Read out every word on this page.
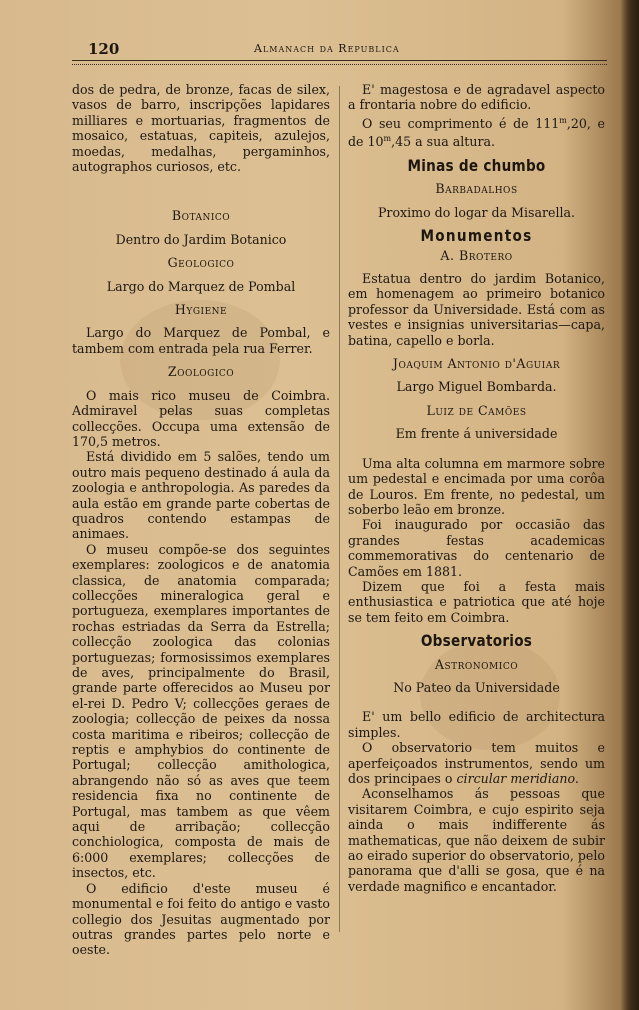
120	Almanach da Republica

dos de pedra, de bronze, facas de silex, vasos de barro, inscripções lapidares milliares e mortuarias, fragmentos de mosaico, estatuas, capiteis, azulejos, moedas, medalhas, pergaminhos, autographos curiosos, etc.

Botanico

Dentro do Jardim Botanico

Geologico

Largo do Marquez de Pombal

Hygiene

Largo do Marquez de Pombal, e tambem com entrada pela rua Ferrer.

Zoologico

O mais rico museu de Coimbra. Admiravel pelas suas completas collecções. Occupa uma extensão de 170,5 metros.

Está dividido em 5 salões, tendo um outro mais pequeno destinado á aula da zoologia e anthropologia. As paredes da aula estão em grande parte cobertas de quadros contendo estampas de animaes.

O museu compõe-se dos seguintes exemplares: zoologicos e de anatomia classica, de anatomia comparada; collecções mineralogica geral e portugueza, exemplares importantes de rochas estriadas da Serra da Estrella; collecção zoologica das colonias portuguezas; formosissimos exemplares de aves, principalmente do Brasil, grande parte offerecidos ao Museu por el-rei D. Pedro V; collecções geraes de zoologia; collecção de peixes da nossa costa maritima e ribeiros; collecção de reptis e amphybios do continente de Portugal; collecção amithologica, abrangendo não só as aves que teem residencia fixa no continente de Portugal, mas tambem as que vêem aqui de arribação; collecção conchiologica, composta de mais de 6:000 exemplares; collecções de insectos, etc.

O edificio d'este museu é monumental e foi feito do antigo e vasto collegio dos Jesuitas augmentado por outras grandes partes pelo norte e oeste.

E' magestosa e de agradavel aspecto a frontaria nobre do edificio.

O seu comprimento é de 111$^m$,20, e de 10$^m$,45 a sua altura.

Minas de chumbo

Barbadalhos

Proximo do logar da Misarella.

Monumentos

A. Brotero

Estatua dentro do jardim Botanico, em homenagem ao primeiro botanico professor da Universidade. Está com as vestes e insignias universitarias—capa, batina, capello e borla.

Joaquim Antonio d'Aguiar

Largo Miguel Bombarda.

Luiz de Camões

Em frente á universidade

Uma alta columna em marmore sobre um pedestal e encimada por uma corôa de Louros. Em frente, no pedestal, um soberbo leão em bronze.

Foi inaugurado por occasião das grandes festas academicas commemorativas do centenario de Camões em 1881.

Dizem que foi a festa mais enthusiastica e patriotica que até hoje se tem feito em Coimbra.

Observatorios

Astronomico

No Pateo da Universidade

E' um bello edificio de architectura simples.

O observatorio tem muitos e aperfeiçoados instrumentos, sendo um dos principaes o circular meridiano.

Aconselhamos ás pessoas que visitarem Coimbra, e cujo espirito seja ainda o mais indifferente ás mathematicas, que não deixem de subir ao eirado superior do observatorio, pelo panorama que d'alli se gosa, que é na verdade magnifico e encantador.
